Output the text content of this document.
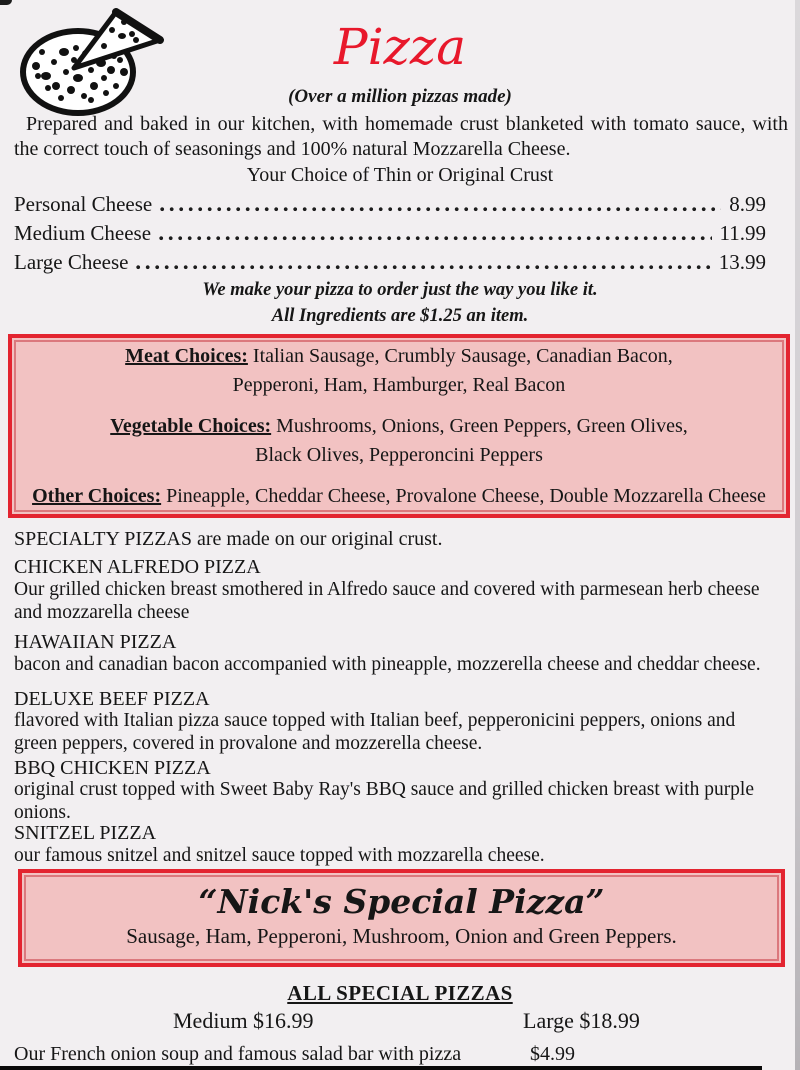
Pizza
(Over a million pizzas made)
Prepared and baked in our kitchen, with homemade crust blanketed with tomato sauce, with the correct touch of seasonings and 100% natural Mozzarella Cheese.
Your Choice of Thin or Original Crust
Personal Cheese	8.99
Medium Cheese	11.99
Large Cheese	13.99
We make your pizza to order just the way you like it.
All Ingredients are $1.25 an item.
Meat Choices: Italian Sausage, Crumbly Sausage, Canadian Bacon,
Pepperoni, Ham, Hamburger, Real Bacon
Vegetable Choices: Mushrooms, Onions, Green Peppers, Green Olives,
Black Olives, Pepperoncini Peppers
Other Choices: Pineapple, Cheddar Cheese, Provalone Cheese, Double Mozzarella Cheese
SPECIALTY PIZZAS are made on our original crust.
CHICKEN ALFREDO PIZZA
Our grilled chicken breast smothered in Alfredo sauce and covered with parmesean herb cheese and mozzarella cheese
HAWAIIAN PIZZA
bacon and canadian bacon accompanied with pineapple, mozzerella cheese and cheddar cheese.
DELUXE BEEF PIZZA
flavored with Italian pizza sauce topped with Italian beef, pepperonicini peppers, onions and green peppers, covered in provalone and mozzerella cheese.
BBQ CHICKEN PIZZA
original crust topped with Sweet Baby Ray's BBQ sauce and grilled chicken breast with purple onions.
SNITZEL PIZZA
our famous snitzel and snitzel sauce topped with mozzarella cheese.
“Nick's Special Pizza”
Sausage, Ham, Pepperoni, Mushroom, Onion and Green Peppers.
ALL SPECIAL PIZZAS
Medium $16.99	Large $18.99
Our French onion soup and famous salad bar with pizza	$4.99
